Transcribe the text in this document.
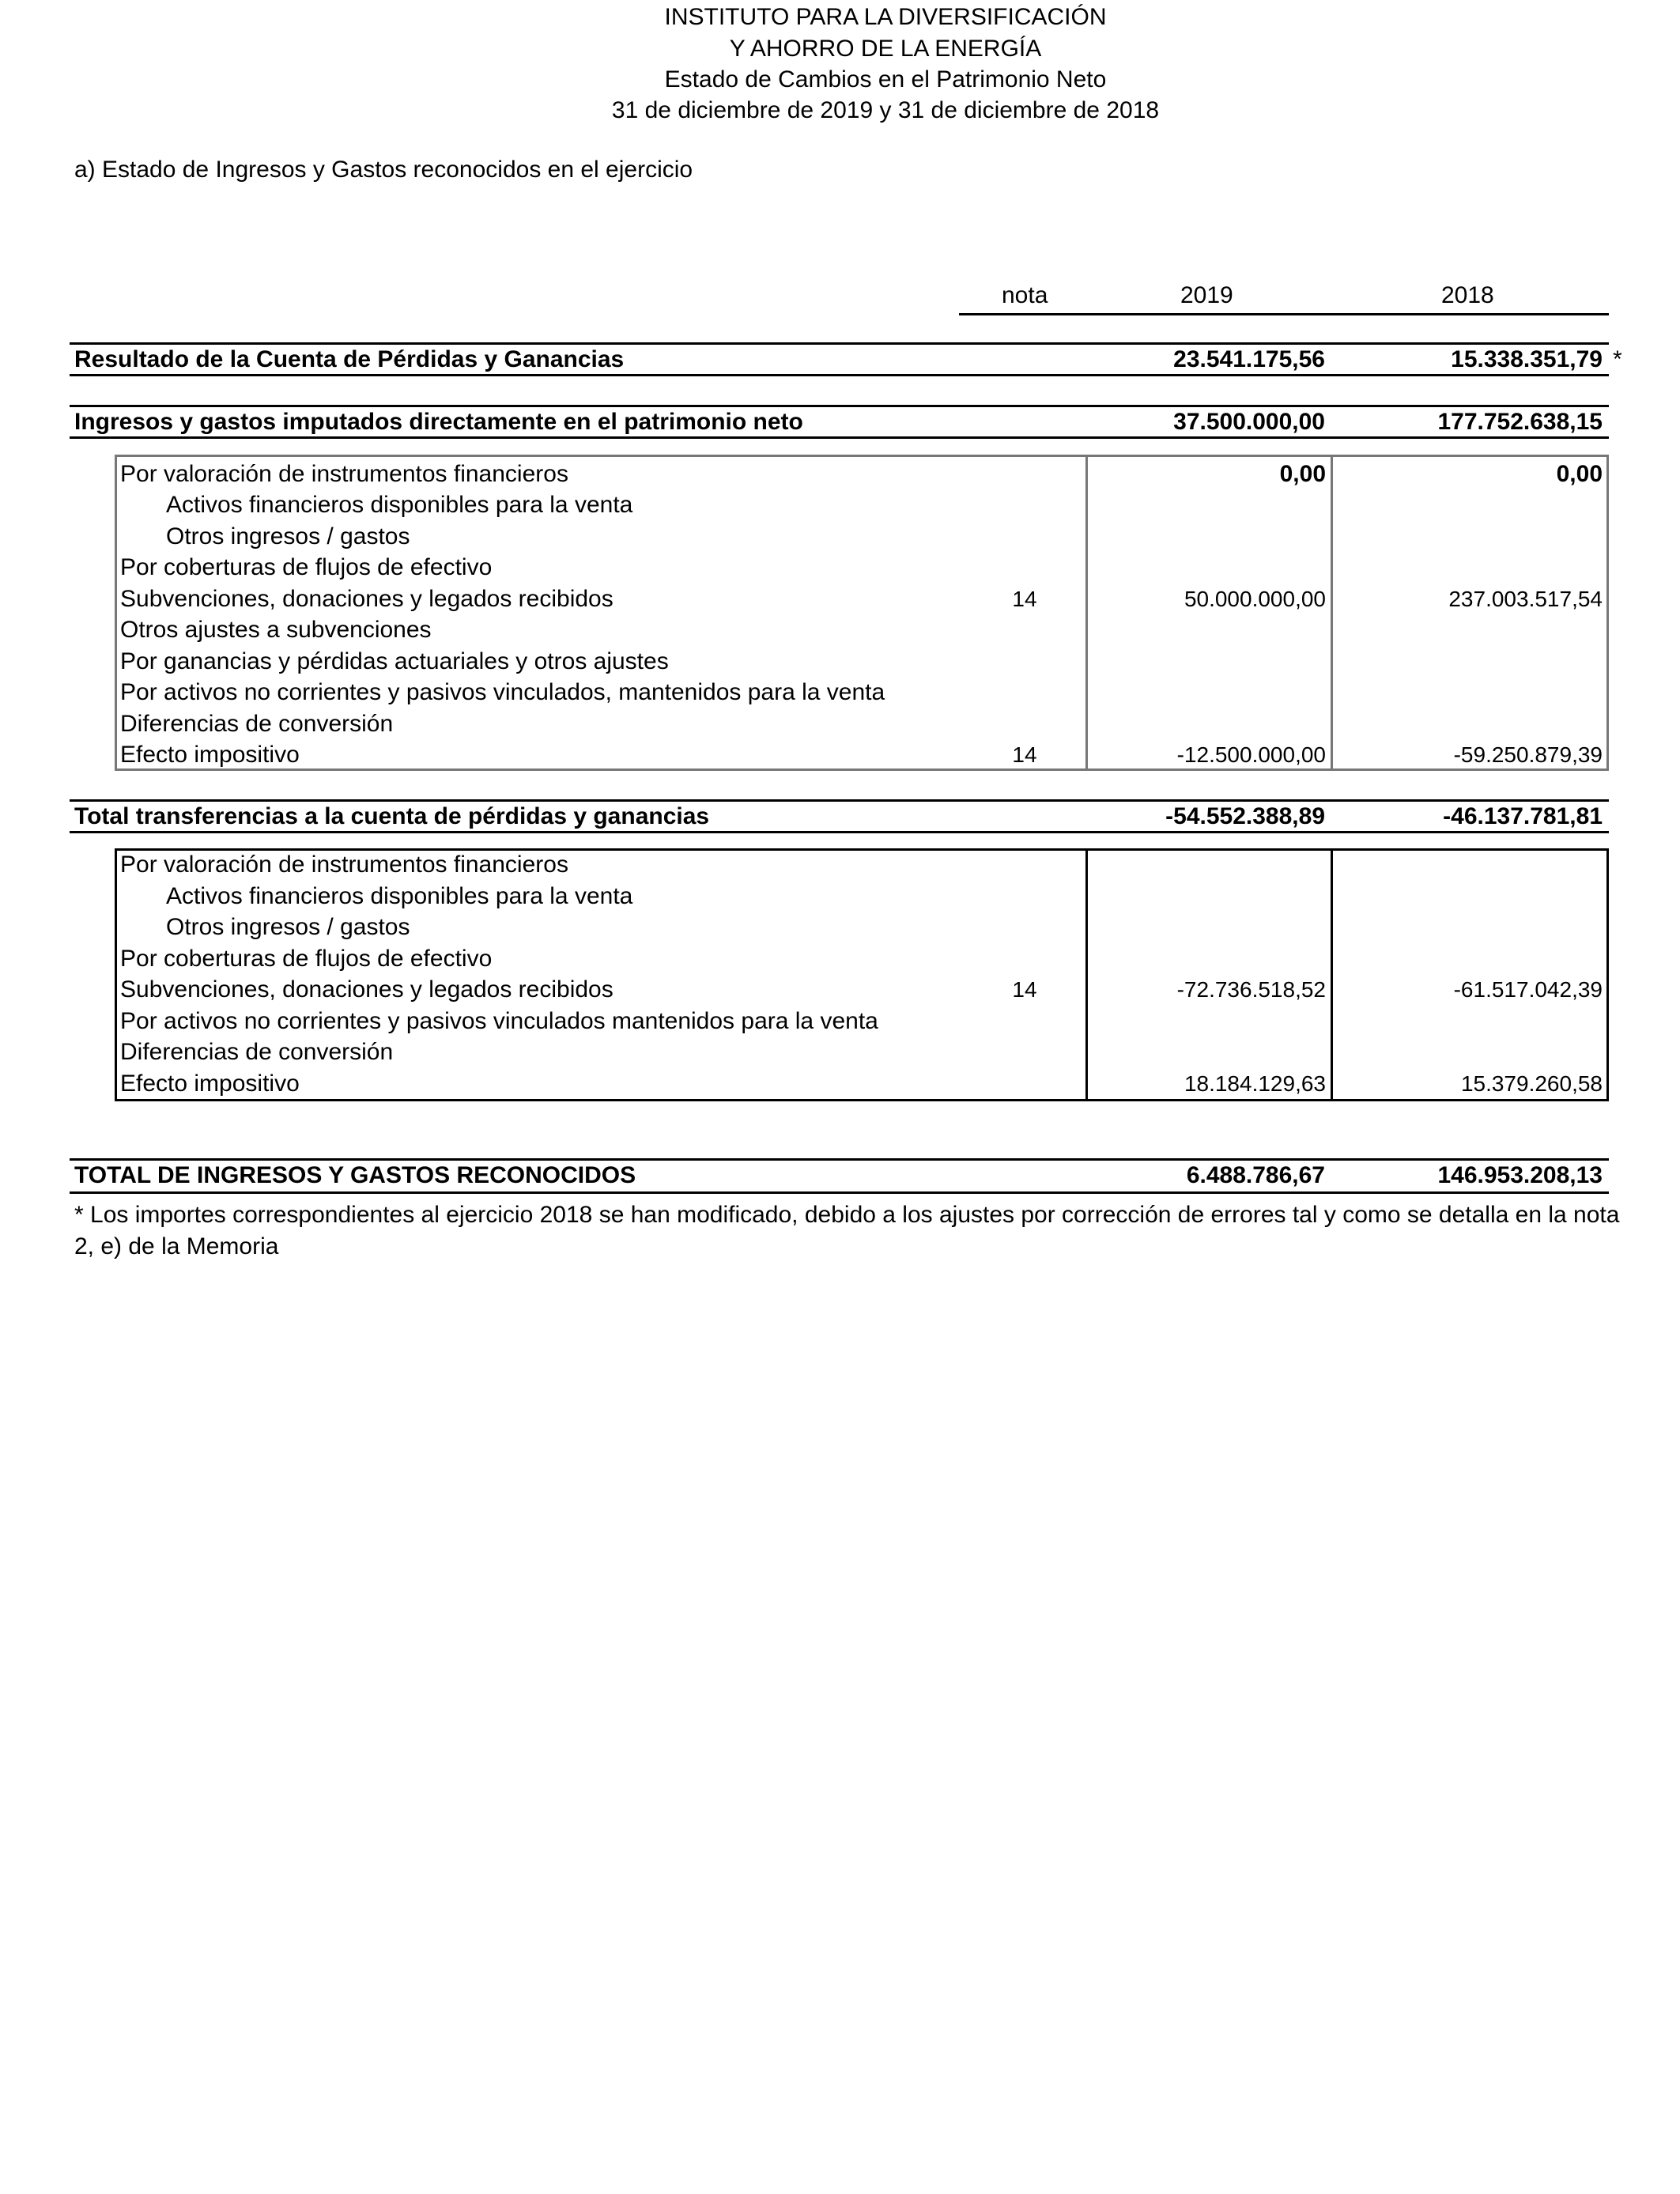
INSTITUTO PARA LA DIVERSIFICACIÓN
Y AHORRO DE LA ENERGÍA
Estado de Cambios en el Patrimonio Neto
31 de diciembre de 2019 y 31 de diciembre de 2018
a) Estado de Ingresos y Gastos reconocidos en el ejercicio
nota	2019	2018
Resultado de la Cuenta de Pérdidas y Ganancias	23.541.175,56	15.338.351,79 *
Ingresos y gastos imputados directamente en el patrimonio neto	37.500.000,00	177.752.638,15
Por valoración de instrumentos financieros	0,00	0,00
Activos financieros disponibles para la venta
Otros ingresos / gastos
Por coberturas de flujos de efectivo
Subvenciones, donaciones y legados recibidos	14	50.000.000,00	237.003.517,54
Otros ajustes a subvenciones
Por ganancias y pérdidas actuariales y otros ajustes
Por activos no corrientes y pasivos vinculados, mantenidos para la venta
Diferencias de conversión
Efecto impositivo	14	-12.500.000,00	-59.250.879,39
Total transferencias a la cuenta de pérdidas y ganancias	-54.552.388,89	-46.137.781,81
Por valoración de instrumentos financieros
Activos financieros disponibles para la venta
Otros ingresos / gastos
Por coberturas de flujos de efectivo
Subvenciones, donaciones y legados recibidos	14	-72.736.518,52	-61.517.042,39
Por activos no corrientes y pasivos vinculados mantenidos para la venta
Diferencias de conversión
Efecto impositivo	18.184.129,63	15.379.260,58
TOTAL DE INGRESOS Y GASTOS RECONOCIDOS	6.488.786,67	146.953.208,13
* Los importes correspondientes al ejercicio 2018 se han modificado, debido a los ajustes por corrección de errores tal y como se detalla en la nota 2, e) de la Memoria
